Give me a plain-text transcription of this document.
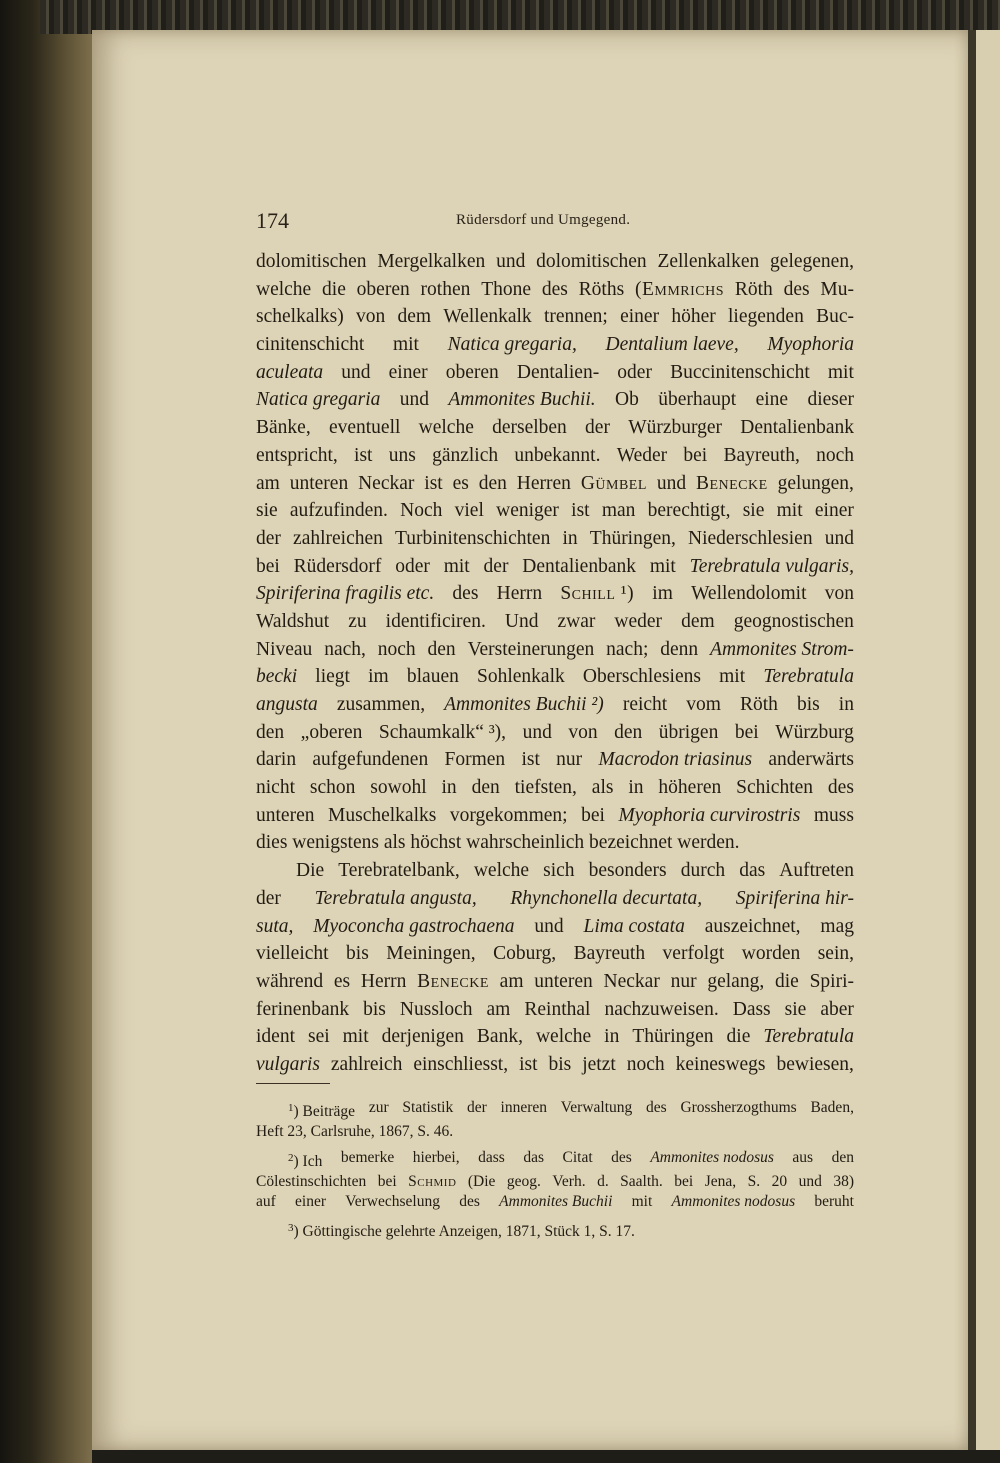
174	Rüdersdorf und Umgegend.
dolomitischen Mergelkalken und dolomitischen Zellenkalken gelegenen,
welche die oberen rothen Thone des Röths (Emmrichs Röth des Mu-
schelkalks) von dem Wellenkalk trennen; einer höher liegenden Buc-
cinitenschicht mit Natica gregaria, Dentalium laeve, Myophoria
aculeata und einer oberen Dentalien- oder Buccinitenschicht mit
Natica gregaria und Ammonites Buchii. Ob überhaupt eine dieser
Bänke, eventuell welche derselben der Würzburger Dentalienbank
entspricht, ist uns gänzlich unbekannt. Weder bei Bayreuth, noch
am unteren Neckar ist es den Herren Gümbel und Benecke gelungen,
sie aufzufinden. Noch viel weniger ist man berechtigt, sie mit einer
der zahlreichen Turbinitenschichten in Thüringen, Niederschlesien und
bei Rüdersdorf oder mit der Dentalienbank mit Terebratula vulgaris,
Spiriferina fragilis etc. des Herrn Schill ¹) im Wellendolomit von
Waldshut zu identificiren. Und zwar weder dem geognostischen
Niveau nach, noch den Versteinerungen nach; denn Ammonites Strom-
becki liegt im blauen Sohlenkalk Oberschlesiens mit Terebratula
angusta zusammen, Ammonites Buchii ²) reicht vom Röth bis in
den „oberen Schaumkalk“ ³), und von den übrigen bei Würzburg
darin aufgefundenen Formen ist nur Macrodon triasinus anderwärts
nicht schon sowohl in den tiefsten, als in höheren Schichten des
unteren Muschelkalks vorgekommen; bei Myophoria curvirostris muss
dies wenigstens als höchst wahrscheinlich bezeichnet werden.
Die Terebratelbank, welche sich besonders durch das Auftreten
der Terebratula angusta, Rhynchonella decurtata, Spiriferina hir-
suta, Myoconcha gastrochaena und Lima costata auszeichnet, mag
vielleicht bis Meiningen, Coburg, Bayreuth verfolgt worden sein,
während es Herrn Benecke am unteren Neckar nur gelang, die Spiri-
ferinenbank bis Nussloch am Reinthal nachzuweisen. Dass sie aber
ident sei mit derjenigen Bank, welche in Thüringen die Terebratula
vulgaris zahlreich einschliesst, ist bis jetzt noch keineswegs bewiesen,
$^1$) Beiträge zur Statistik der inneren Verwaltung des Grossherzogthums Baden,
Heft 23, Carlsruhe, 1867, S. 46.
$^2$) Ich bemerke hierbei, dass das Citat des Ammonites nodosus aus den
Cölestinschichten bei Schmid (Die geog. Verh. d. Saalth. bei Jena, S. 20 und 38)
auf einer Verwechselung des Ammonites Buchii mit Ammonites nodosus beruht
$^3$) Göttingische gelehrte Anzeigen, 1871, Stück 1, S. 17.
